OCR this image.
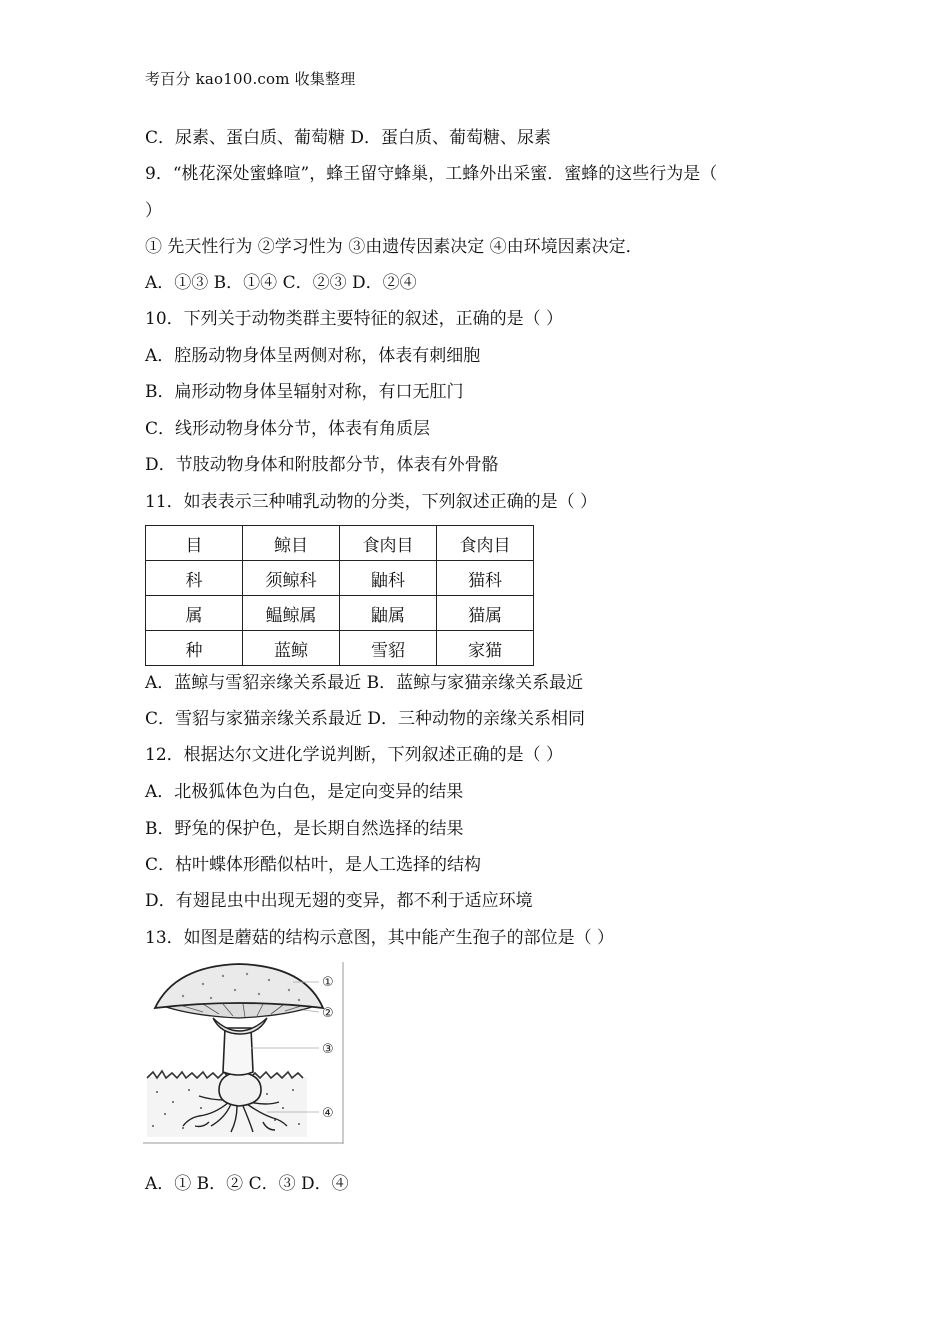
考百分 kao100.com 收集整理
C．尿素、蛋白质、葡萄糖 D．蛋白质、葡萄糖、尿素
9．“桃花深处蜜蜂喧”，蜂王留守蜂巢，工蜂外出采蜜．蜜蜂的这些行为是（
）
① 先天性行为 ②学习性为 ③由遗传因素决定 ④由环境因素决定．
A．①③ B．①④ C．②③ D．②④
10．下列关于动物类群主要特征的叙述，正确的是（ ）
A．腔肠动物身体呈两侧对称，体表有刺细胞
B．扁形动物身体呈辐射对称，有口无肛门
C．线形动物身体分节，体表有角质层
D．节肢动物身体和附肢都分节，体表有外骨骼
11．如表表示三种哺乳动物的分类，下列叙述正确的是（ ）
目	鲸目	食肉目	食肉目
科	须鲸科	鼬科	猫科
属	鳁鲸属	鼬属	猫属
种	蓝鲸	雪貂	家猫
A．蓝鲸与雪貂亲缘关系最近 B．蓝鲸与家猫亲缘关系最近
C．雪貂与家猫亲缘关系最近 D．三种动物的亲缘关系相同
12．根据达尔文进化学说判断，下列叙述正确的是（ ）
A．北极狐体色为白色，是定向变异的结果
B．野兔的保护色，是长期自然选择的结果
C．枯叶蝶体形酷似枯叶，是人工选择的结构
D．有翅昆虫中出现无翅的变异，都不利于适应环境
13．如图是蘑菇的结构示意图，其中能产生孢子的部位是（ ）
①
②
③
④
A．① B．② C．③ D．④
